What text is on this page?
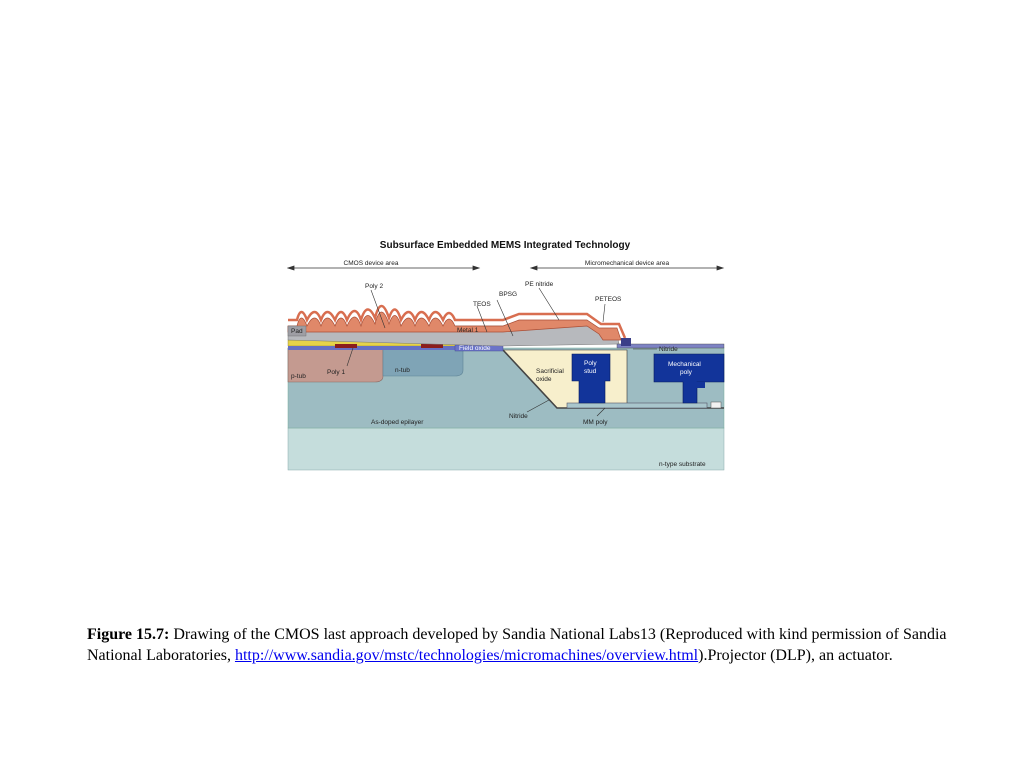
Subsurface Embedded MEMS Integrated Technology
CMOS device area	Micromechanical device area
Field oxide
Poly 2
BPSG
PE nitride
TEOS
PETEOS
Pad	Metal 1
Nitride
p-tub
Poly 1	n-tub	Sacrificial
oxide
Poly
stud
Mechanical
poly
Nitride
As-doped epilayer	MM poly
n-type substrate
Figure 15.7: Drawing of the CMOS last approach developed by Sandia National Labs13 (Reproduced with kind permission of Sandia National Laboratories, http://www.sandia.gov/mstc/technologies/micromachines/overview.html).Projector (DLP), an actuator.
